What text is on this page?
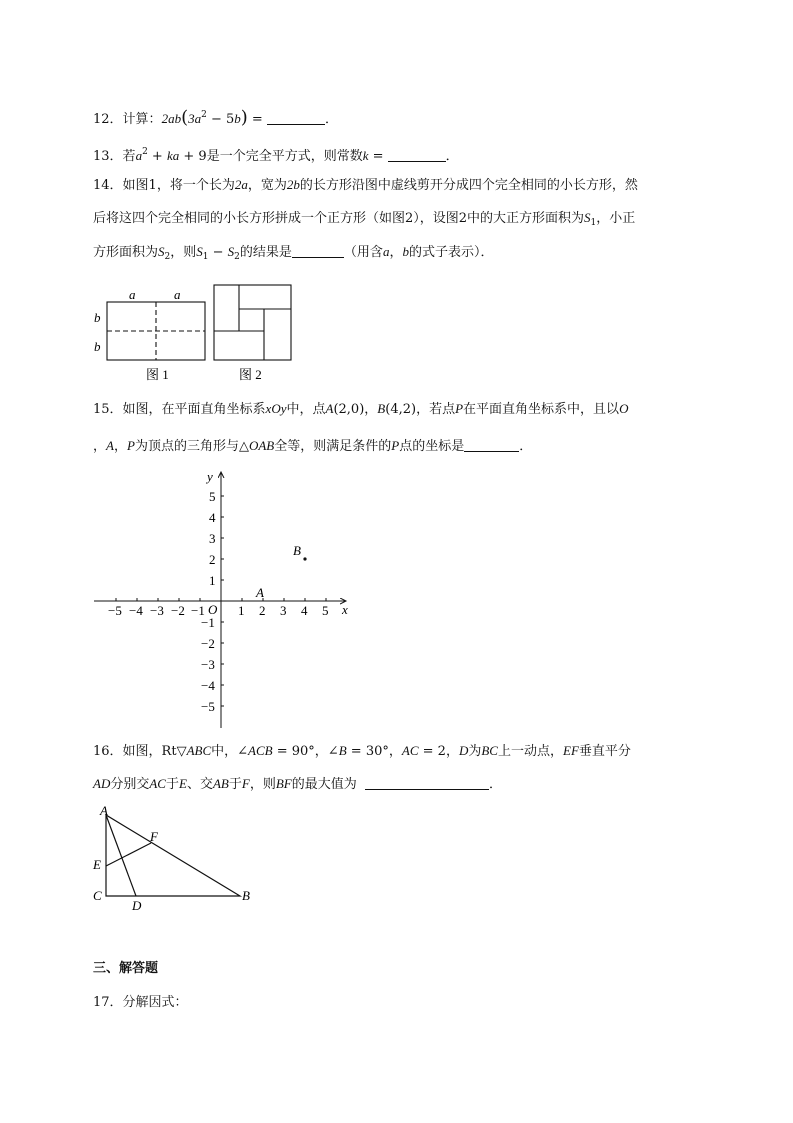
12．计算：$2ab(3a^2 - 5b)$ =	．
13．若$a^2$ + ka + 9是一个完全平方式，则常数k =	．
14．如图1，将一个长为2a，宽为2b的长方形沿图中虚线剪开分成四个完全相同的小长方形，然
后将这四个完全相同的小长方形拼成一个正方形（如图2），设图2中的大正方形面积为$S_1$，小正
方形面积为$S_2$，则$S_1 - S_2$的结果是	（用含a，b的式子表示）．
a	a
b
b
图 1	图 2
15．如图，在平面直角坐标系xOy中，点A(2,0)，B(4,2)，若点P在平面直角坐标系中，且以O
，A，P为顶点的三角形与△OAB全等，则满足条件的P点的坐标是	．
x
y
O
−5 −4 −3 −2 −1	1 2 3 4 5
5
4
3
2
1
−1
−2
−3
−4
−5
B
A
16．如图，Rt▽ABC中，∠ACB = 90°，∠B = 30°，AC = 2，D为BC上一动点，EF垂直平分
AD分别交AC于E、交AB于F，则BF的最大值为	．
A
F
E
C
D
B
三、解答题
17．分解因式：
